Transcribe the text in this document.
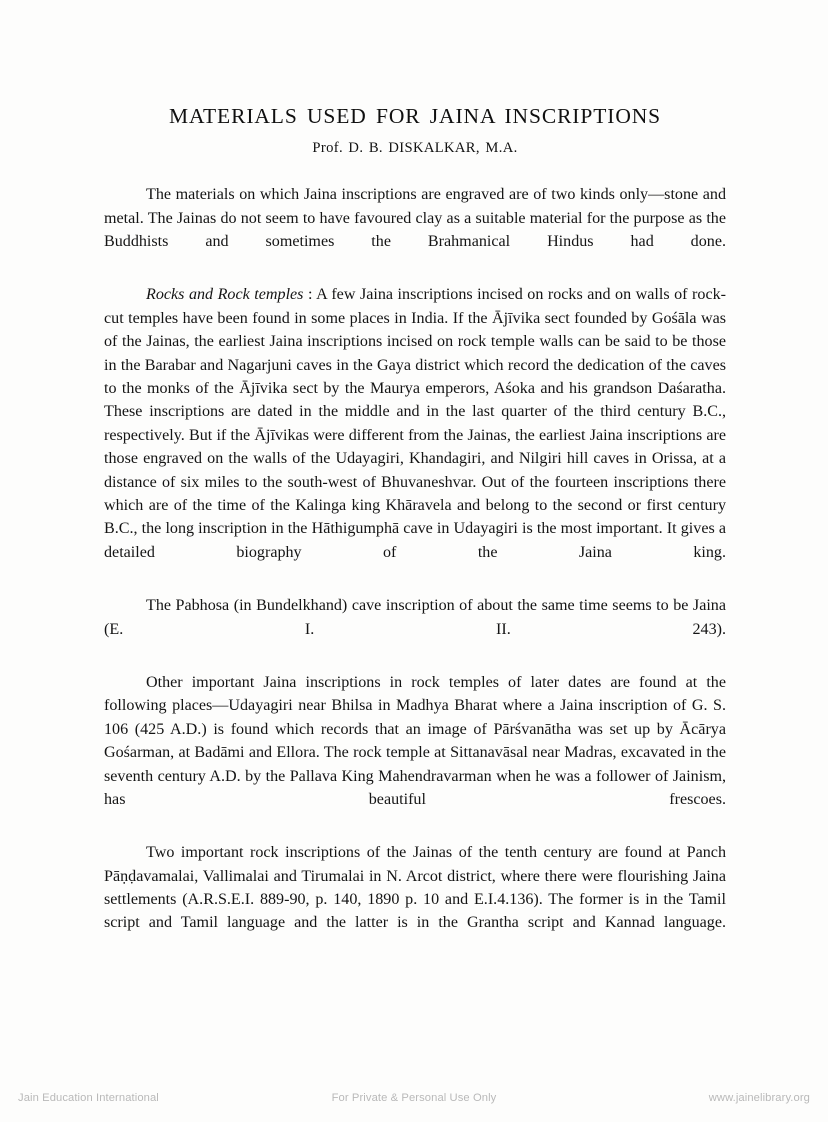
MATERIALS USED FOR JAINA INSCRIPTIONS
Prof. D. B. DISKALKAR, M.A.

The materials on which Jaina inscriptions are engraved are of two kinds only—stone and metal. The Jainas do not seem to have favoured clay as a suitable material for the purpose as the Buddhists and sometimes the Brahmanical Hindus had done.

Rocks and Rock temples : A few Jaina inscriptions incised on rocks and on walls of rock-cut temples have been found in some places in India. If the Ājīvika sect founded by Gośāla was of the Jainas, the earliest Jaina inscriptions incised on rock temple walls can be said to be those in the Barabar and Nagarjuni caves in the Gaya district which record the dedication of the caves to the monks of the Ājīvika sect by the Maurya emperors, Aśoka and his grandson Daśaratha. These inscriptions are dated in the middle and in the last quarter of the third century B.C., respectively. But if the Ājīvikas were different from the Jainas, the earliest Jaina inscriptions are those engraved on the walls of the Udayagiri, Khandagiri, and Nilgiri hill caves in Orissa, at a distance of six miles to the south-west of Bhuvaneshvar. Out of the fourteen inscriptions there which are of the time of the Kalinga king Khāravela and belong to the second or first century B.C., the long inscription in the Hāthigumphā cave in Udayagiri is the most important. It gives a detailed biography of the Jaina king.

The Pabhosa (in Bundelkhand) cave inscription of about the same time seems to be Jaina (E. I. II. 243).

Other important Jaina inscriptions in rock temples of later dates are found at the following places—Udayagiri near Bhilsa in Madhya Bharat where a Jaina inscription of G. S. 106 (425 A.D.) is found which records that an image of Pārśvanātha was set up by Ācārya Gośarman, at Badāmi and Ellora. The rock temple at Sittanavāsal near Madras, excavated in the seventh century A.D. by the Pallava King Mahendravarman when he was a follower of Jainism, has beautiful frescoes.

Two important rock inscriptions of the Jainas of the tenth century are found at Panch Pāṇḍavamalai, Vallimalai and Tirumalai in N. Arcot district, where there were flourishing Jaina settlements (A.R.S.E.I. 889-90, p. 140, 1890 p. 10 and E.I.4.136). The former is in the Tamil script and Tamil language and the latter is in the Grantha script and Kannad language.

Jain Education International	For Private & Personal Use Only	www.jainelibrary.org
